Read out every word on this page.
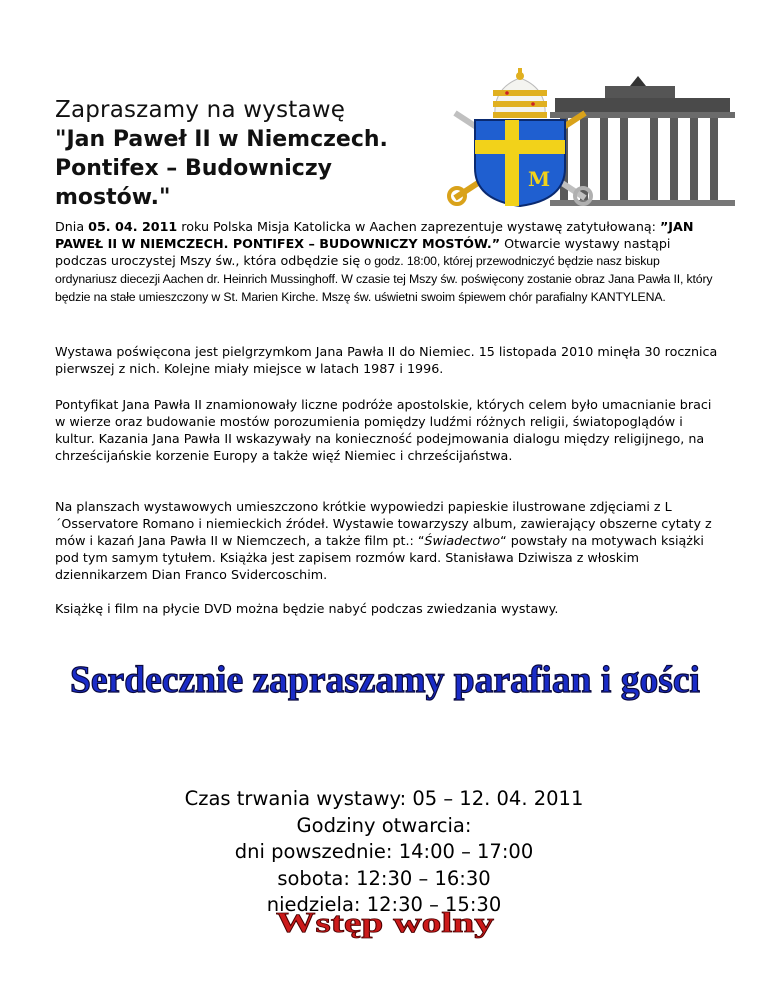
Zapraszamy na wystawę
"Jan Paweł II w Niemczech.
Pontifex – Budowniczy mostów."
M

Dnia 05. 04. 2011 roku Polska Misja Katolicka w Aachen zaprezentuje wystawę zatytułowaną: ”JAN PAWEŁ II W NIEMCZECH. PONTIFEX – BUDOWNICZY MOSTÓW.” Otwarcie wystawy nastąpi podczas uroczystej Mszy św., która odbędzie się o godz. 18:00, której przewodniczyć będzie nasz biskup ordynariusz diecezji Aachen dr. Heinrich Mussinghoff. W czasie tej Mszy św. poświęcony zostanie obraz Jana Pawła II, który będzie na stałe umieszczony w St. Marien Kirche. Mszę św. uświetni swoim śpiewem chór parafialny KANTYLENA.

Wystawa poświęcona jest pielgrzymkom Jana Pawła II do Niemiec. 15 listopada 2010 minęła 30 rocznica pierwszej z nich. Kolejne miały miejsce w latach 1987 i 1996.

Pontyfikat Jana Pawła II znamionowały liczne podróże apostolskie, których celem było umacnianie braci w wierze oraz budowanie mostów porozumienia pomiędzy ludźmi różnych religii, światopoglądów i kultur. Kazania Jana Pawła II wskazywały na konieczność podejmowania dialogu między religijnego, na chrześcijańskie korzenie Europy a także więź Niemiec i chrześcijaństwa.

Na planszach wystawowych umieszczono krótkie wypowiedzi papieskie ilustrowane zdjęciami z L´Osservatore Romano i niemieckich źródeł. Wystawie towarzyszy album, zawierający obszerne cytaty z mów i kazań Jana Pawła II w Niemczech, a także film pt.: “Świadectwo“ powstały na motywach książki pod tym samym tytułem. Książka jest zapisem rozmów kard. Stanisława Dziwisza z włoskim dziennikarzem Dian Franco Svidercoschim.

Książkę i film na płycie DVD można będzie nabyć podczas zwiedzania wystawy.

Serdecznie zapraszamy parafian i gości
Czas trwania wystawy: 05 – 12. 04. 2011
Godziny otwarcia:
dni powszednie: 14:00 – 17:00
sobota: 12:30 – 16:30
niedziela: 12:30 – 15:30
Wstęp wolny
